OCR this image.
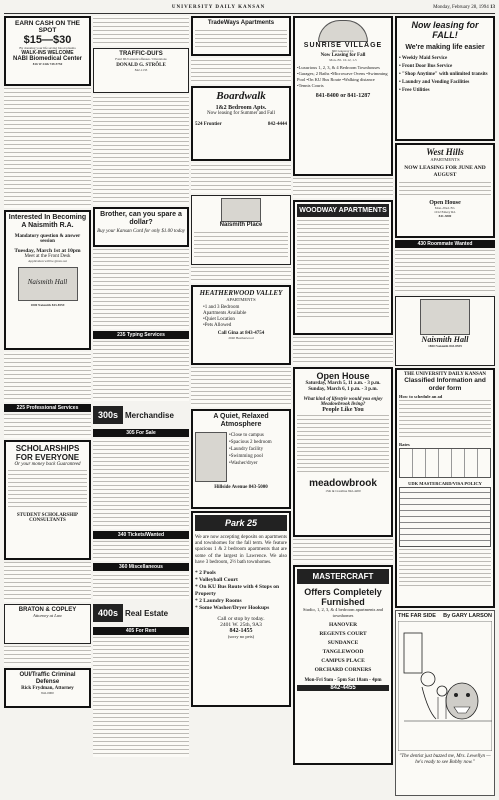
UNIVERSITY DAILY KANSAN	Monday, February 28, 1994 13
EARN CASH ON THE SPOT
$15—$30
By donating your life saving blood plasma
WALK-INS WELCOME
NABI Biomedical Center
816 W 24th 749-5750
Interested In Becoming A Naismith R.A.
Mandatory question & answer session
Tuesday, March 1st at 10pm
Meet at the Front Desk
Application will be given out
Naismith Hall
1800 Naismith 843-8559
225 Professional Services
SCHOLARSHIPS FOR EVERYONE
Or your money back Guaranteed
STUDENT SCHOLARSHIP CONSULTANTS
BRATON & COPLEY
Attorney at Law
OUI/Traffic Criminal Defense
Rick Frydman, Attorney
842-0000
TRAFFIC-DUI'S
Fatal DUI arrests/offenses / Diversions
DONALD G. STRÔLE
842-1133
Brother, can you spare a dollar?
Buy your Kansan Card for only $1.00 today
235 Typing Services
300s Merchandise
305 For Sale
340 Tickets/Wanted
360 Miscellaneous
400s Real Estate
405 For Rent
TradeWays Apartments
Boardwalk
1&2 Bedroom Apts.
Now leasing for Summer and Fall
524 Frontier	842-4444
Naismith Place
HEATHERWOOD VALLEY
APARTMENTS
•1 and 3 Bedroom
Apartments Available
•Quiet Location
•Pets Allowed
Call Gina at 843-4754
2040 Heatherwood
A Quiet, Relaxed Atmosphere
•Close to campus
•Spacious 2 bedroom
•Laundry facility
•Swimming pool
•Washer/dryer
Hillside Avenue 843-5000
Park 25
We are now accepting deposits on apartments and townhomes for the fall term. We feature spacious 1 & 2 bedroom apartments that are some of the largest in Lawrence. We also have 3 bedroom, 2½ bath townhomes.
* 2 Pools
* Volleyball Court
* On KU Bus Route with 4 Stops on Property
* 2 Laundry Rooms
* Some Washer/Dryer Hookups
Call or stop by today.
2401 W. 25th, 9A3
842-1455
(sorry no pets)
SUNRISE VILLAGE
660 Gateway Ct.
Now Leasing for Fall
Mon.-Fri. 10-12, 1-5
•Luxurious 1, 2, 3, & 4 Bedroom Townhouses •Garages; 2 Baths •Microwave Ovens •Swimming Pool •On KU Bus Route •Walking distance •Tennis Courts
841-8400 or 841-1287
WOODWAY APARTMENTS
Open House
Saturday, March 5, 11 a.m. - 3 p.m. Sunday, March 6, 1 p.m. - 3 p.m.
What kind of lifestyle would you enjoy Meadowbrook living?
People Like You
meadowbrook
15th & Crestline 842-4200
MASTERCRAFT
Offers Completely Furnished
Studio, 1, 2, 3, & 4 bedroom apartments and townhomes
HANOVER
REGENTS COURT
SUNDANCE
TANGLEWOOD
CAMPUS PLACE
ORCHARD CORNERS
Mon-Fri 9am - 5pm Sat 10am - 4pm
842-4455
Now leasing for FALL!
We're making life easier
• Weekly Maid Service
• Front Door Bus Service
• "Shop Anytime" with unlimited transits
• Laundry and Vending Facilities
• Free Utilities
West Hills
APARTMENTS
NOW LEASING FOR JUNE AND AUGUST
Open House
Mon.-Wed. Fri.
1012 Emery Rd.
841-3800
430 Roommate Wanted
Naismith Hall
1800 Naismith 843-8559
THE UNIVERSITY DAILY KANSAN
Classified Information and order form
How to schedule an ad
Rates
UDK MASTERCARD/VISA POLICY
THE FAR SIDE By GARY LARSON
"The dentist just buzzed me, Mrs. Lewellyn — he's ready to see Bobby now."
